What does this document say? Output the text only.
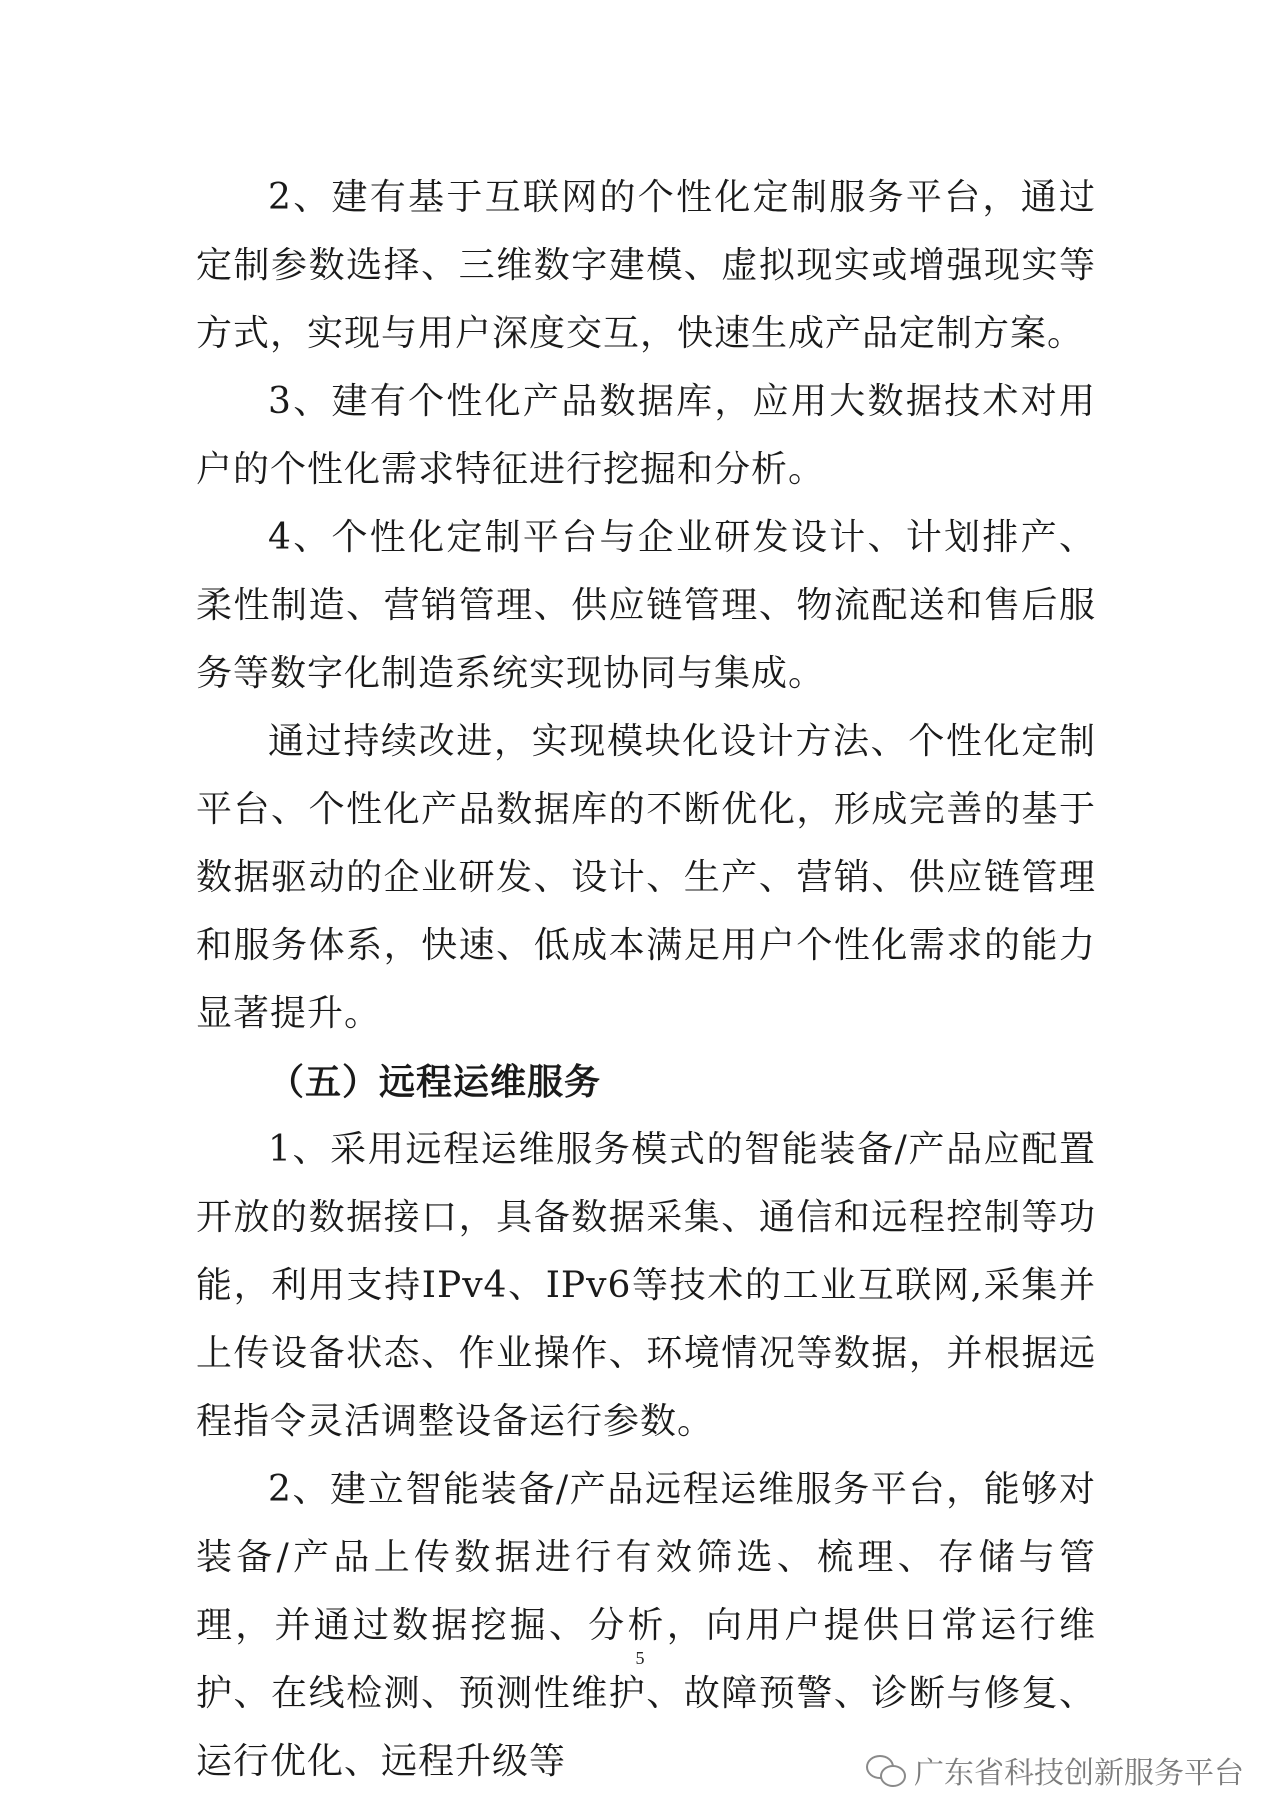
2、建有基于互联网的个性化定制服务平台，通过定制参数选择、三维数字建模、虚拟现实或增强现实等方式，实现与用户深度交互，快速生成产品定制方案。

3、建有个性化产品数据库，应用大数据技术对用户的个性化需求特征进行挖掘和分析。

4、个性化定制平台与企业研发设计、计划排产、柔性制造、营销管理、供应链管理、物流配送和售后服务等数字化制造系统实现协同与集成。

通过持续改进，实现模块化设计方法、个性化定制平台、个性化产品数据库的不断优化，形成完善的基于数据驱动的企业研发、设计、生产、营销、供应链管理和服务体系，快速、低成本满足用户个性化需求的能力显著提升。

（五）远程运维服务

1、采用远程运维服务模式的智能装备/产品应配置开放的数据接口，具备数据采集、通信和远程控制等功能，利用支持IPv4、IPv6等技术的工业互联网,采集并上传设备状态、作业操作、环境情况等数据，并根据远程指令灵活调整设备运行参数。

2、建立智能装备/产品远程运维服务平台，能够对装备/产品上传数据进行有效筛选、梳理、存储与管理，并通过数据挖掘、分析，向用户提供日常运行维护、在线检测、预测性维护、故障预警、诊断与修复、运行优化、远程升级等

5
广东省科技创新服务平台
